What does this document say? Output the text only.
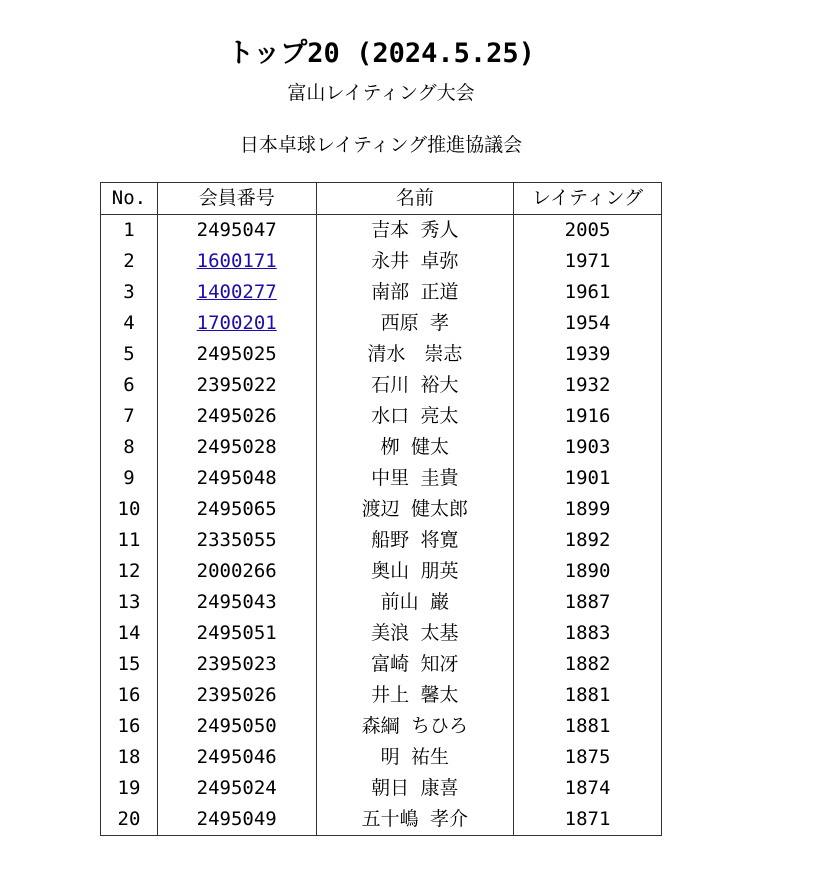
トップ20 (2024.5.25)
富山レイティング大会
日本卓球レイティング推進協議会
No.	会員番号	名前	レイティング
1	2495047	吉本 秀人	2005
2	1600171	永井 卓弥	1971
3	1400277	南部 正道	1961
4	1700201	西原 孝	1954
5	2495025	清水　崇志	1939
6	2395022	石川 裕大	1932
7	2495026	水口 亮太	1916
8	2495028	栁 健太	1903
9	2495048	中里 圭貴	1901
10	2495065	渡辺 健太郎	1899
11	2335055	船野 将寛	1892
12	2000266	奥山 朋英	1890
13	2495043	前山 巌	1887
14	2495051	美浪 太基	1883
15	2395023	富崎 知冴	1882
16	2395026	井上 馨太	1881
16	2495050	森綱 ちひろ	1881
18	2495046	明 祐生	1875
19	2495024	朝日 康喜	1874
20	2495049	五十嶋 孝介	1871
